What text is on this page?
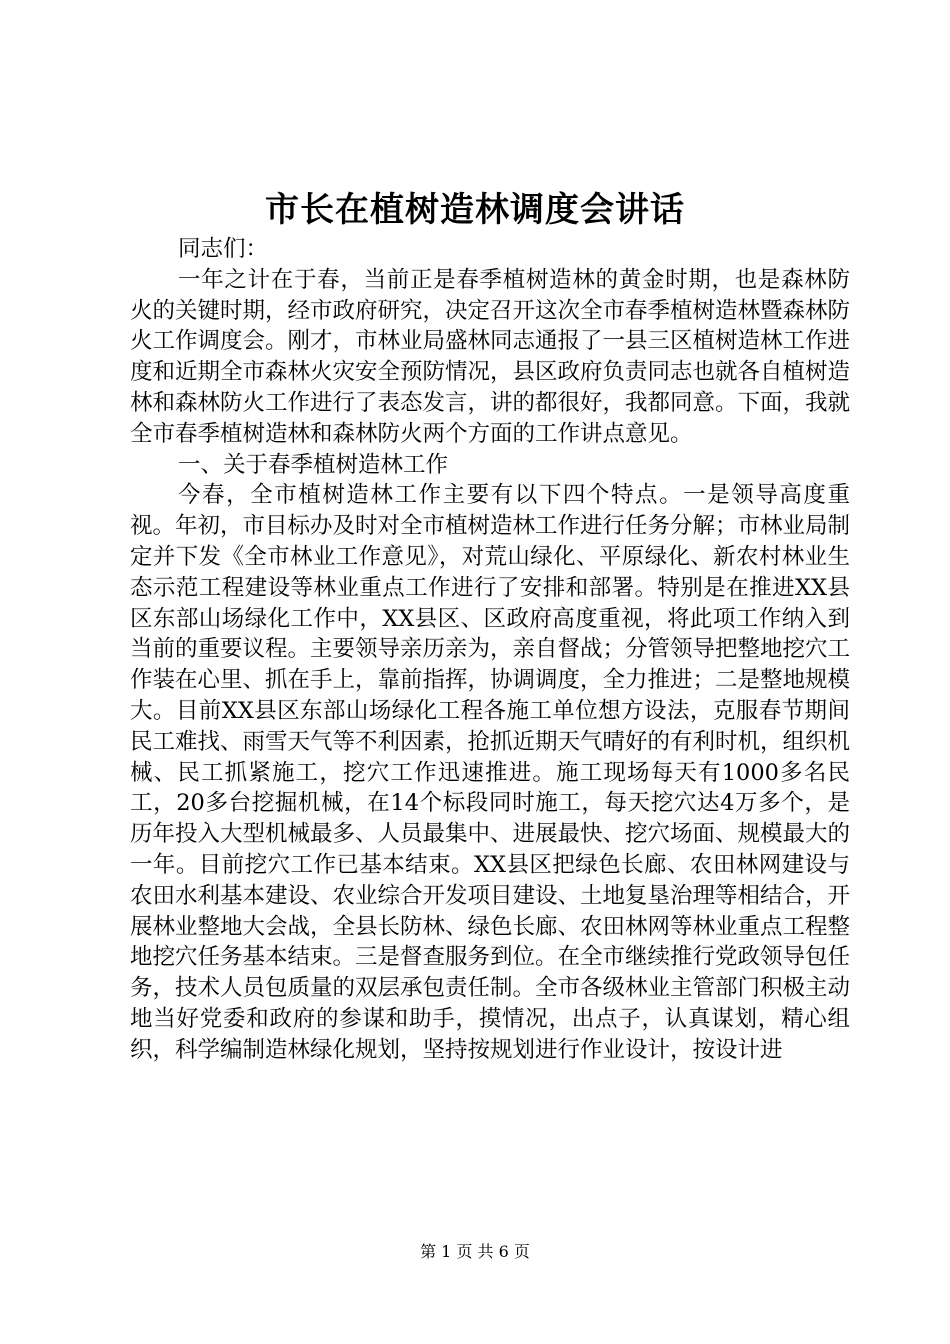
市长在植树造林调度会讲话

同志们：

一年之计在于春，当前正是春季植树造林的黄金时期，也是森林防火的关键时期，经市政府研究，决定召开这次全市春季植树造林暨森林防火工作调度会。刚才，市林业局盛林同志通报了一县三区植树造林工作进度和近期全市森林火灾安全预防情况，县区政府负责同志也就各自植树造林和森林防火工作进行了表态发言，讲的都很好，我都同意。下面，我就全市春季植树造林和森林防火两个方面的工作讲点意见。

一、关于春季植树造林工作

今春，全市植树造林工作主要有以下四个特点。一是领导高度重视。年初，市目标办及时对全市植树造林工作进行任务分解；市林业局制定并下发《全市林业工作意见》，对荒山绿化、平原绿化、新农村林业生态示范工程建设等林业重点工作进行了安排和部署。特别是在推进XX县区东部山场绿化工作中，XX县区、区政府高度重视，将此项工作纳入到当前的重要议程。主要领导亲历亲为，亲自督战；分管领导把整地挖穴工作装在心里、抓在手上，靠前指挥，协调调度，全力推进；二是整地规模大。目前XX县区东部山场绿化工程各施工单位想方设法，克服春节期间民工难找、雨雪天气等不利因素，抢抓近期天气晴好的有利时机，组织机械、民工抓紧施工，挖穴工作迅速推进。施工现场每天有1000多名民工，20多台挖掘机械，在14个标段同时施工，每天挖穴达4万多个，是历年投入大型机械最多、人员最集中、进展最快、挖穴场面、规模最大的一年。目前挖穴工作已基本结束。XX县区把绿色长廊、农田林网建设与农田水利基本建设、农业综合开发项目建设、土地复垦治理等相结合，开展林业整地大会战，全县长防林、绿色长廊、农田林网等林业重点工程整地挖穴任务基本结束。三是督查服务到位。在全市继续推行党政领导包任务，技术人员包质量的双层承包责任制。全市各级林业主管部门积极主动地当好党委和政府的参谋和助手，摸情况，出点子，认真谋划，精心组织，科学编制造林绿化规划，坚持按规划进行作业设计，按设计进

第 1 页 共 6 页
